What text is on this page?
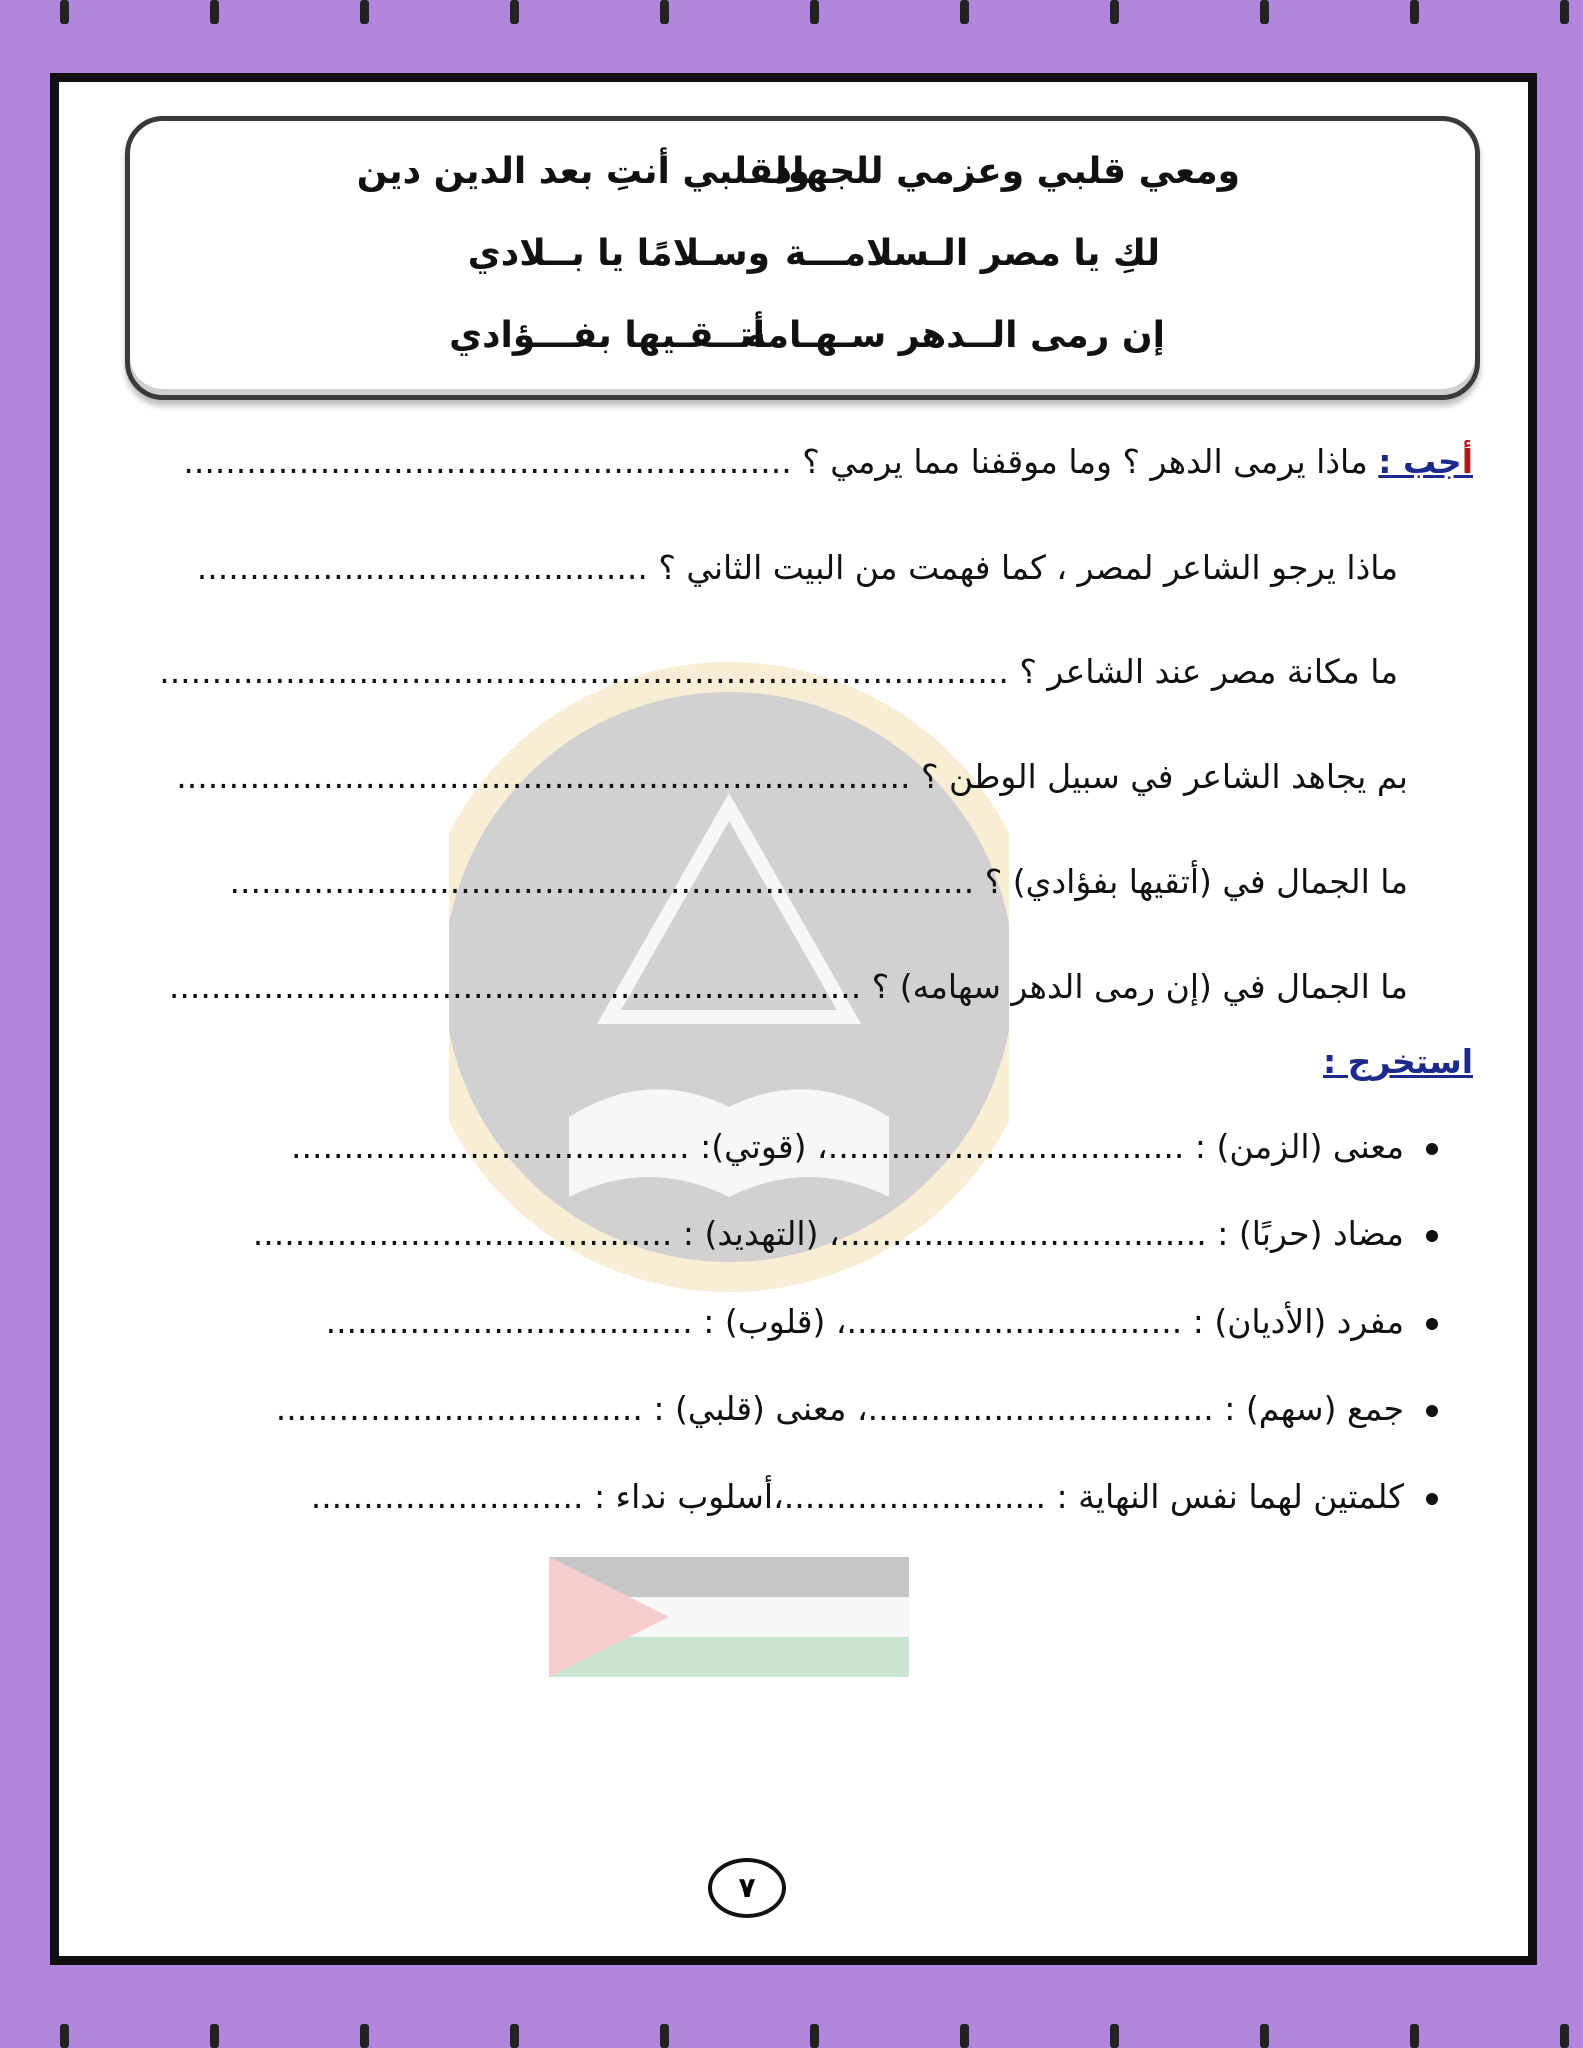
ومعي قلبي وعزمي للجهاد
ولقلبي أنتِ بعد الدين دين
لكِ يا مصر الـسلامـــة
وسـلامًا يا بــلادي
إن رمى الــدهر سـهـامه
أتــقـيها بفـــؤادي
أجب : ماذا يرمى الدهر ؟ وما موقفنا مما يرمي ؟ ..........................................................
ماذا يرجو الشاعر لمصر ، كما فهمت من البيت الثاني ؟ ...........................................
ما مكانة مصر عند الشاعر ؟ .................................................................................
بم يجاهد الشاعر في سبيل الوطن ؟ ......................................................................
ما الجمال في (أتقيها بفؤادي) ؟ .......................................................................
ما الجمال في (إن رمى الدهر سهامه) ؟ ..................................................................
استخرج :
معنى (الزمن) : ..................................، (قوتي): ......................................
مضاد (حربًا) : ...................................، (التهديد) : ........................................
مفرد (الأديان) : ................................، (قلوب) : ...................................
جمع (سهم) : .................................، معنى (قلبي) : ...................................
كلمتين لهما نفس النهاية : .........................،أسلوب نداء : ..........................
٧
